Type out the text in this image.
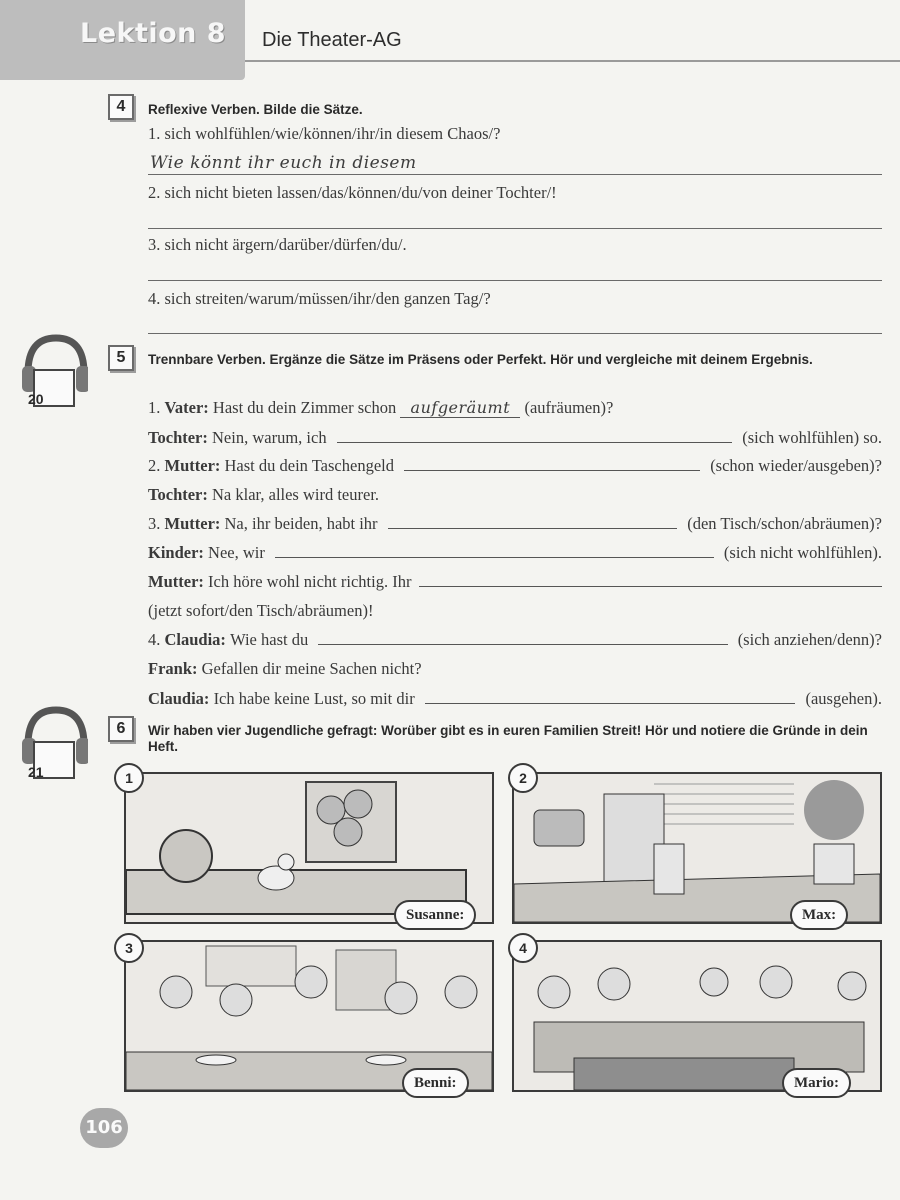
Lektion 8 Die Theater-AG
4	Reflexive Verben. Bilde die Sätze.
1. sich wohlfühlen/wie/können/ihr/in diesem Chaos/?
Wie könnt ihr euch in diesem
2. sich nicht bieten lassen/das/können/du/von deiner Tochter/!
3. sich nicht ärgern/darüber/dürfen/du/.
4. sich streiten/warum/müssen/ihr/den ganzen Tag/?
20
5	Trennbare Verben. Ergänze die Sätze im Präsens oder Perfekt. Hör und vergleiche mit deinem Ergebnis.
1. Vater: Hast du dein Zimmer schon aufgeräumt (aufräumen)?
Tochter:
Nein, warum, ich	(sich wohlfühlen) so.
2.
Mutter:
Hast du dein Taschengeld	(schon wieder/ausgeben)?
Tochter: Na klar, alles wird teurer.
3.
Mutter:
Na, ihr beiden, habt ihr	(den Tisch/schon/abräumen)?
Kinder:
Nee, wir	(sich nicht wohlfühlen).
Mutter:
Ich höre wohl nicht richtig. Ihr
(jetzt sofort/den Tisch/abräumen)!
4.
Claudia:
Wie hast du	(sich anziehen/denn)?
Frank: Gefallen dir meine Sachen nicht?
Claudia:
Ich habe keine Lust, so mit dir	(ausgehen).
21
6	Wir haben vier Jugendliche gefragt: Worüber gibt es in euren Familien Streit! Hör und notiere die Gründe in dein Heft.
1
Susanne:
2
Max:
3
Benni:
4
Mario:
106
